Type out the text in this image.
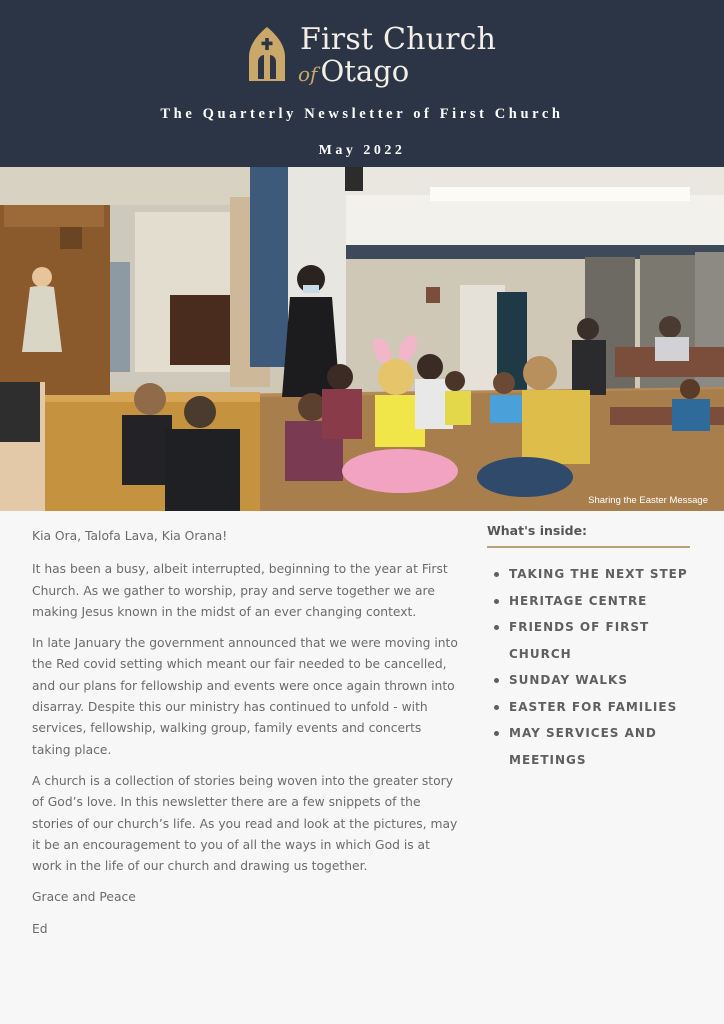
First Church
of Otago
The Quarterly Newsletter of First Church
May 2022
Sharing the Easter Message

Kia Ora, Talofa Lava, Kia Orana!

It has been a busy, albeit interrupted, beginning to the year at First Church. As we gather to worship, pray and serve together we are making Jesus known in the midst of an ever changing context.

In late January the government announced that we were moving into the Red covid setting which meant our fair needed to be cancelled, and our plans for fellowship and events were once again thrown into disarray. Despite this our ministry has continued to unfold - with services, fellowship, walking group, family events and concerts taking place.

A church is a collection of stories being woven into the greater story of God’s love. In this newsletter there are a few snippets of the stories of our church’s life. As you read and look at the pictures, may it be an encouragement to you of all the ways in which God is at work in the life of our church and drawing us together.

Grace and Peace

Ed

What's inside:
TAKING THE NEXT STEP
HERITAGE CENTRE
FRIENDS OF FIRST CHURCH
SUNDAY WALKS
EASTER FOR FAMILIES
MAY SERVICES AND MEETINGS
